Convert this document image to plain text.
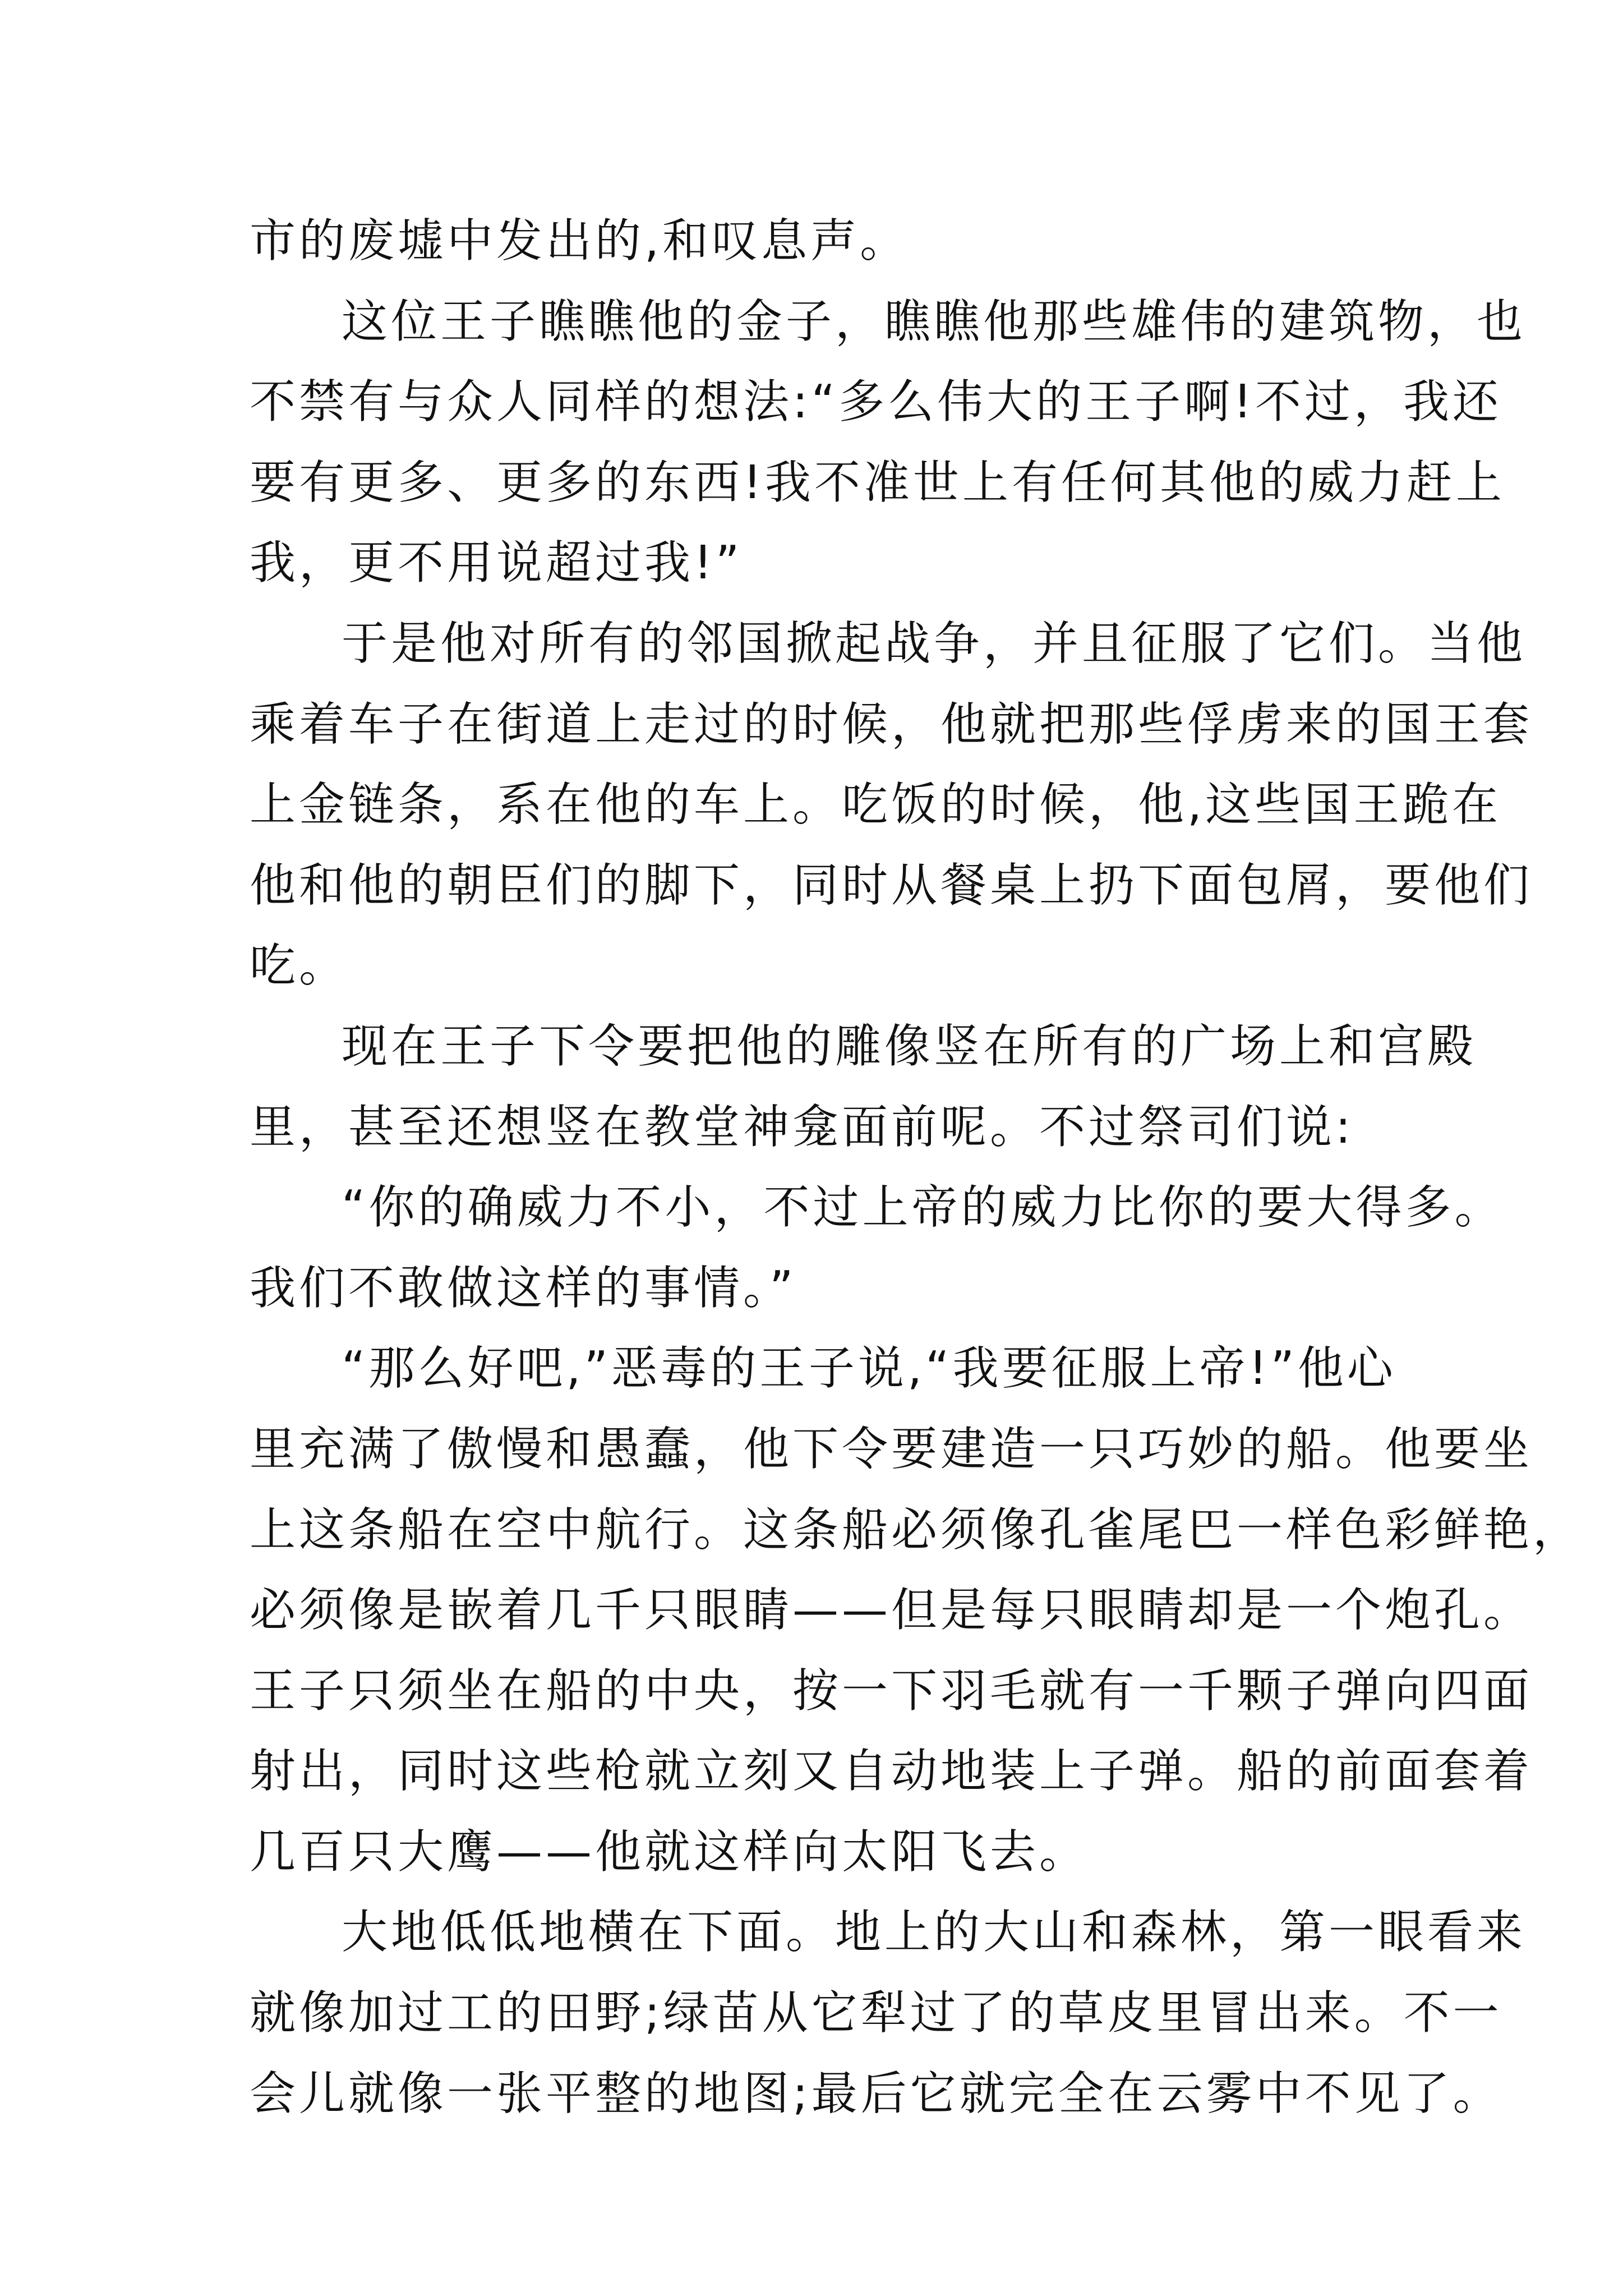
市的废墟中发出的,和叹息声。
这位王子瞧瞧他的金子，瞧瞧他那些雄伟的建筑物，也
不禁有与众人同样的想法:“多么伟大的王子啊!不过，我还
要有更多、更多的东西!我不准世上有任何其他的威力赶上
我，更不用说超过我!”
于是他对所有的邻国掀起战争，并且征服了它们。当他
乘着车子在街道上走过的时候，他就把那些俘虏来的国王套
上金链条，系在他的车上。吃饭的时候，他,这些国王跪在
他和他的朝臣们的脚下，同时从餐桌上扔下面包屑，要他们
吃。
现在王子下令要把他的雕像竖在所有的广场上和宫殿
里，甚至还想竖在教堂神龛面前呢。不过祭司们说:
“你的确威力不小，不过上帝的威力比你的要大得多。
我们不敢做这样的事情。”
“那么好吧,”恶毒的王子说,“我要征服上帝!”他心
里充满了傲慢和愚蠢，他下令要建造一只巧妙的船。他要坐
上这条船在空中航行。这条船必须像孔雀尾巴一样色彩鲜艳，
必须像是嵌着几千只眼睛——但是每只眼睛却是一个炮孔。
王子只须坐在船的中央，按一下羽毛就有一千颗子弹向四面
射出，同时这些枪就立刻又自动地装上子弹。船的前面套着
几百只大鹰——他就这样向太阳飞去。
大地低低地横在下面。地上的大山和森林，第一眼看来
就像加过工的田野;绿苗从它犁过了的草皮里冒出来。不一
会儿就像一张平整的地图;最后它就完全在云雾中不见了。
